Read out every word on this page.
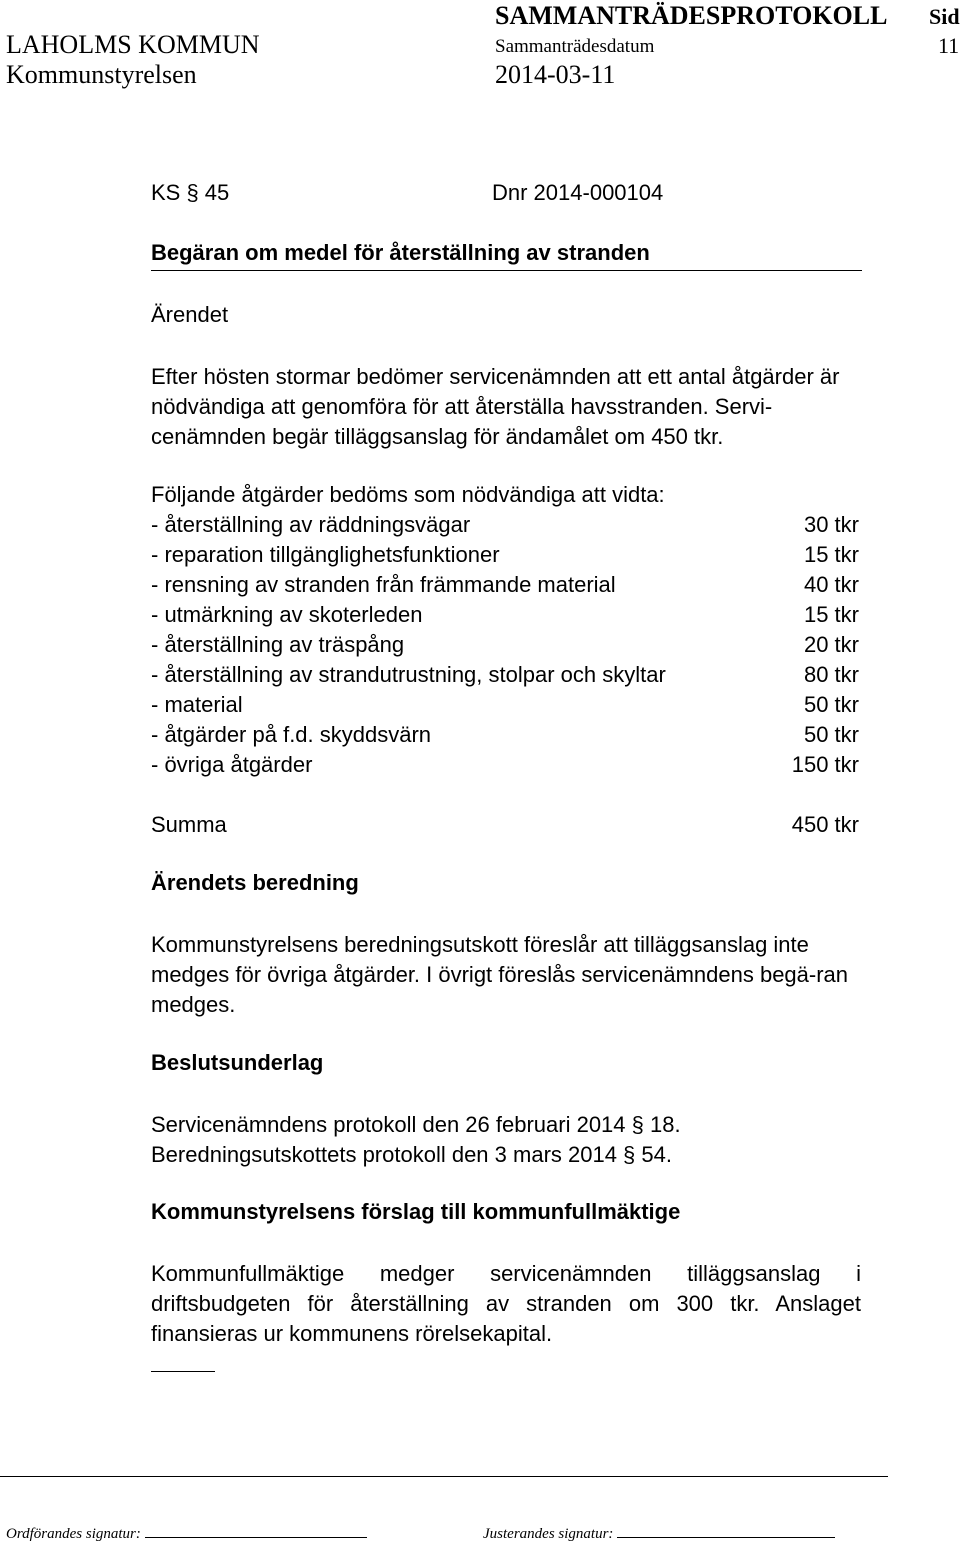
SAMMANTRÄDESPROTOKOLL Sid
LAHOLMS KOMMUN	Sammanträdesdatum	11
Kommunstyrelsen	2014-03-11
KS § 45	Dnr 2014-000104
Begäran om medel för återställning av stranden
Ärendet

Efter hösten stormar bedömer servicenämnden att ett antal åtgärder är nödvändiga att genomföra för att återställa havsstranden. Servi-cenämnden begär tilläggsanslag för ändamålet om 450 tkr.

Följande åtgärder bedöms som nödvändiga att vidta:

- återställning av räddningsvägar	30 tkr
- reparation tillgänglighetsfunktioner	15 tkr
- rensning av stranden från främmande material	40 tkr
- utmärkning av skoterleden	15 tkr
- återställning av träspång	20 tkr
- återställning av strandutrustning, stolpar och skyltar	80 tkr
- material	50 tkr
- åtgärder på f.d. skyddsvärn	50 tkr
- övriga åtgärder	150 tkr
Summa	450 tkr
Ärendets beredning

Kommunstyrelsens beredningsutskott föreslår att tilläggsanslag inte medges för övriga åtgärder. I övrigt föreslås servicenämndens begä-ran medges.

Beslutsunderlag

Servicenämndens protokoll den 26 februari 2014 § 18.

Beredningsutskottets protokoll den 3 mars 2014 § 54.

Kommunstyrelsens förslag till kommunfullmäktige

Kommunfullmäktige medger servicenämnden tilläggsanslag i driftsbudgeten för återställning av stranden om 300 tkr. Anslaget finansieras ur kommunens rörelsekapital.

Ordförandes signatur:	Justerandes signatur:
